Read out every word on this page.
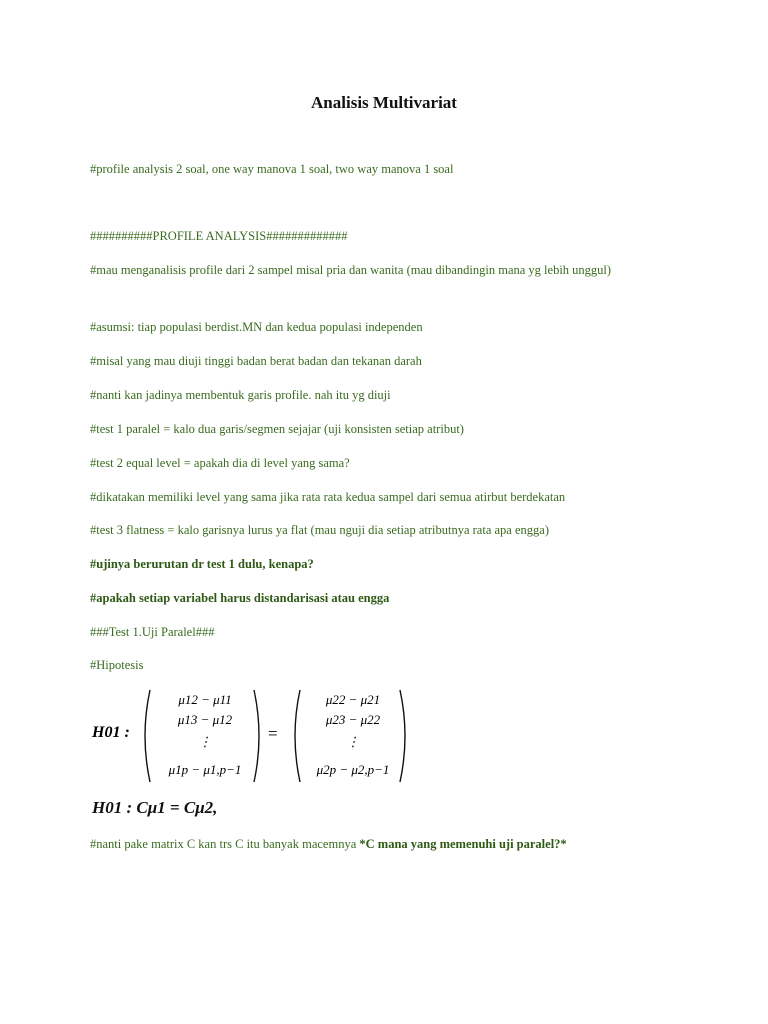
Analisis Multivariat
#profile analysis 2 soal, one way manova 1 soal, two way manova 1 soal
##########PROFILE ANALYSIS#############
#mau menganalisis profile dari 2 sampel misal pria dan wanita (mau dibandingin mana yg lebih unggul)
#asumsi: tiap populasi berdist.MN dan kedua populasi independen
#misal yang mau diuji tinggi badan berat badan dan tekanan darah
#nanti kan jadinya membentuk garis profile. nah itu yg diuji
#test 1 paralel = kalo dua garis/segmen sejajar (uji konsisten setiap atribut)
#test 2 equal level = apakah dia di level yang sama?
#dikatakan memiliki level yang sama jika rata rata kedua sampel dari semua atirbut berdekatan
#test 3 flatness = kalo garisnya lurus ya flat (mau nguji dia setiap atributnya rata apa engga)
#ujinya berurutan dr test 1 dulu, kenapa?
#apakah setiap variabel harus distandarisasi atau engga
###Test 1.Uji Paralel###
#Hipotesis
H01 :
μ12 − μ11
μ13 − μ12
⋮
μ1p − μ1,p−1
=
μ22 − μ21
μ23 − μ22
⋮
μ2p − μ2,p−1
H01 : Cμ1 = Cμ2,
#nanti pake matrix C kan trs C itu banyak macemnya *C mana yang memenuhi uji paralel?*
